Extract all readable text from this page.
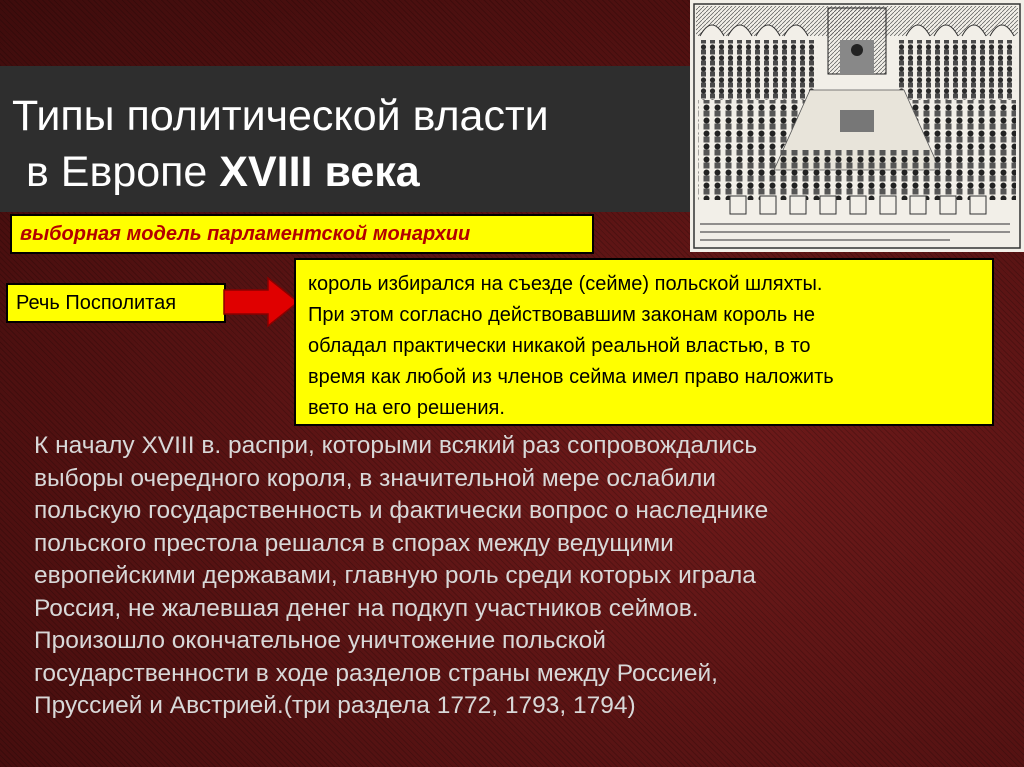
Типы политической власти
в Европе XVIII века
выборная модель парламентской монархии
Речь Посполитая
король избирался на съезде (сейме) польской шляхты.
При этом согласно действовавшим законам король не
обладал практически никакой реальной властью, в то
время как любой из членов сейма имел право наложить
вето на его решения.
К началу XVIII в. распри, которыми всякий раз сопровождались
выборы очередного короля, в значительной мере ослабили
польскую государственность и фактически вопрос о наследнике
польского престола решался в спорах между ведущими
европейскими державами, главную роль среди которых играла
Россия, не жалевшая денег на подкуп участников сеймов.
Произошло окончательное уничтожение польской
государственности в ходе разделов страны между Россией,
Пруссией и Австрией.(три раздела 1772, 1793, 1794)
